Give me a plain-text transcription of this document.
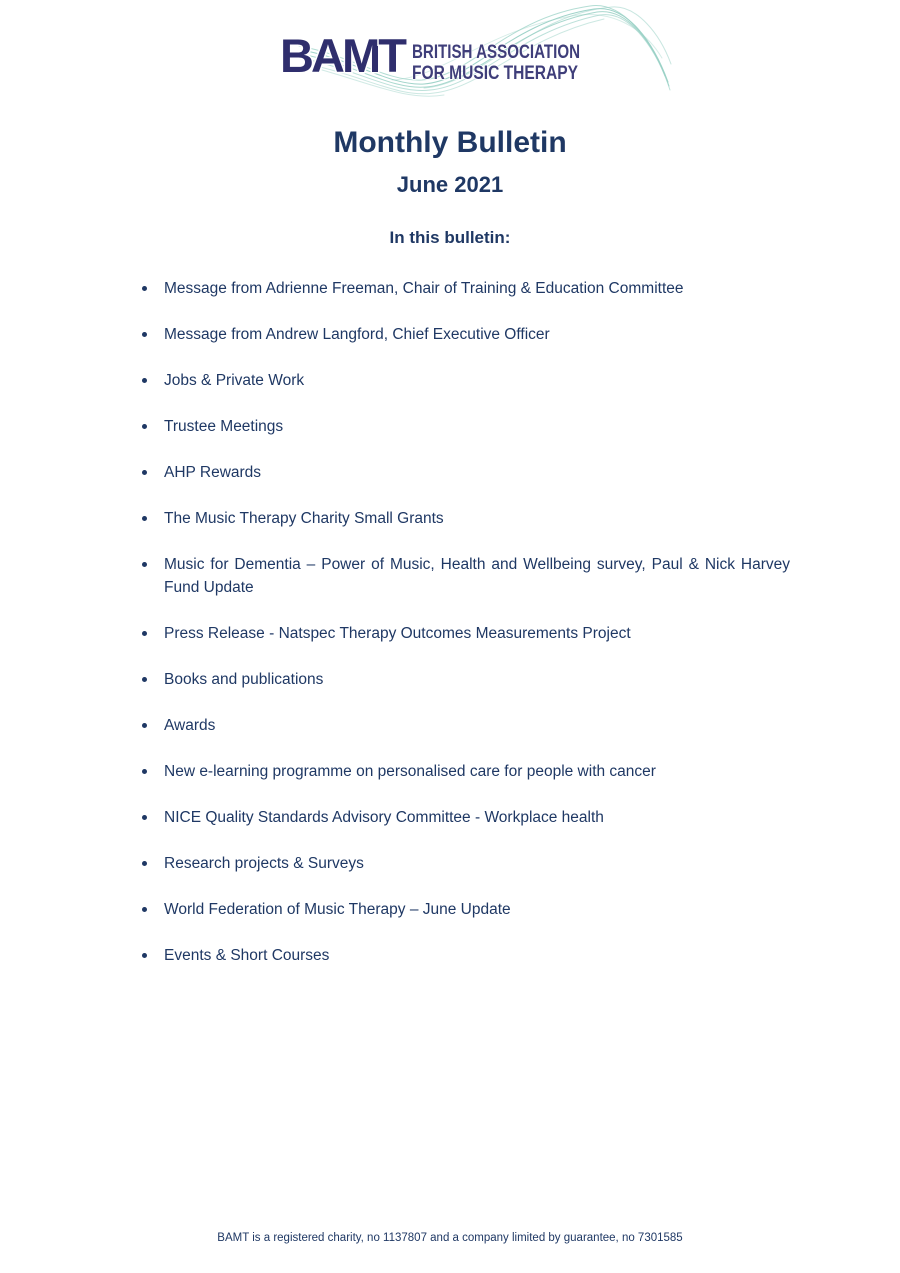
BAMT BRITISH ASSOCIATION
FOR MUSIC THERAPY
Monthly Bulletin
June 2021
In this bulletin:
Message from Adrienne Freeman, Chair of Training & Education Committee
Message from Andrew Langford, Chief Executive Officer
Jobs & Private Work
Trustee Meetings
AHP Rewards
The Music Therapy Charity Small Grants
Music for Dementia – Power of Music, Health and Wellbeing survey, Paul & Nick Harvey Fund Update
Press Release - Natspec Therapy Outcomes Measurements Project
Books and publications
Awards
New e-learning programme on personalised care for people with cancer
NICE Quality Standards Advisory Committee - Workplace health
Research projects & Surveys
World Federation of Music Therapy – June Update
Events & Short Courses
BAMT is a registered charity, no 1137807 and a company limited by guarantee, no 7301585
